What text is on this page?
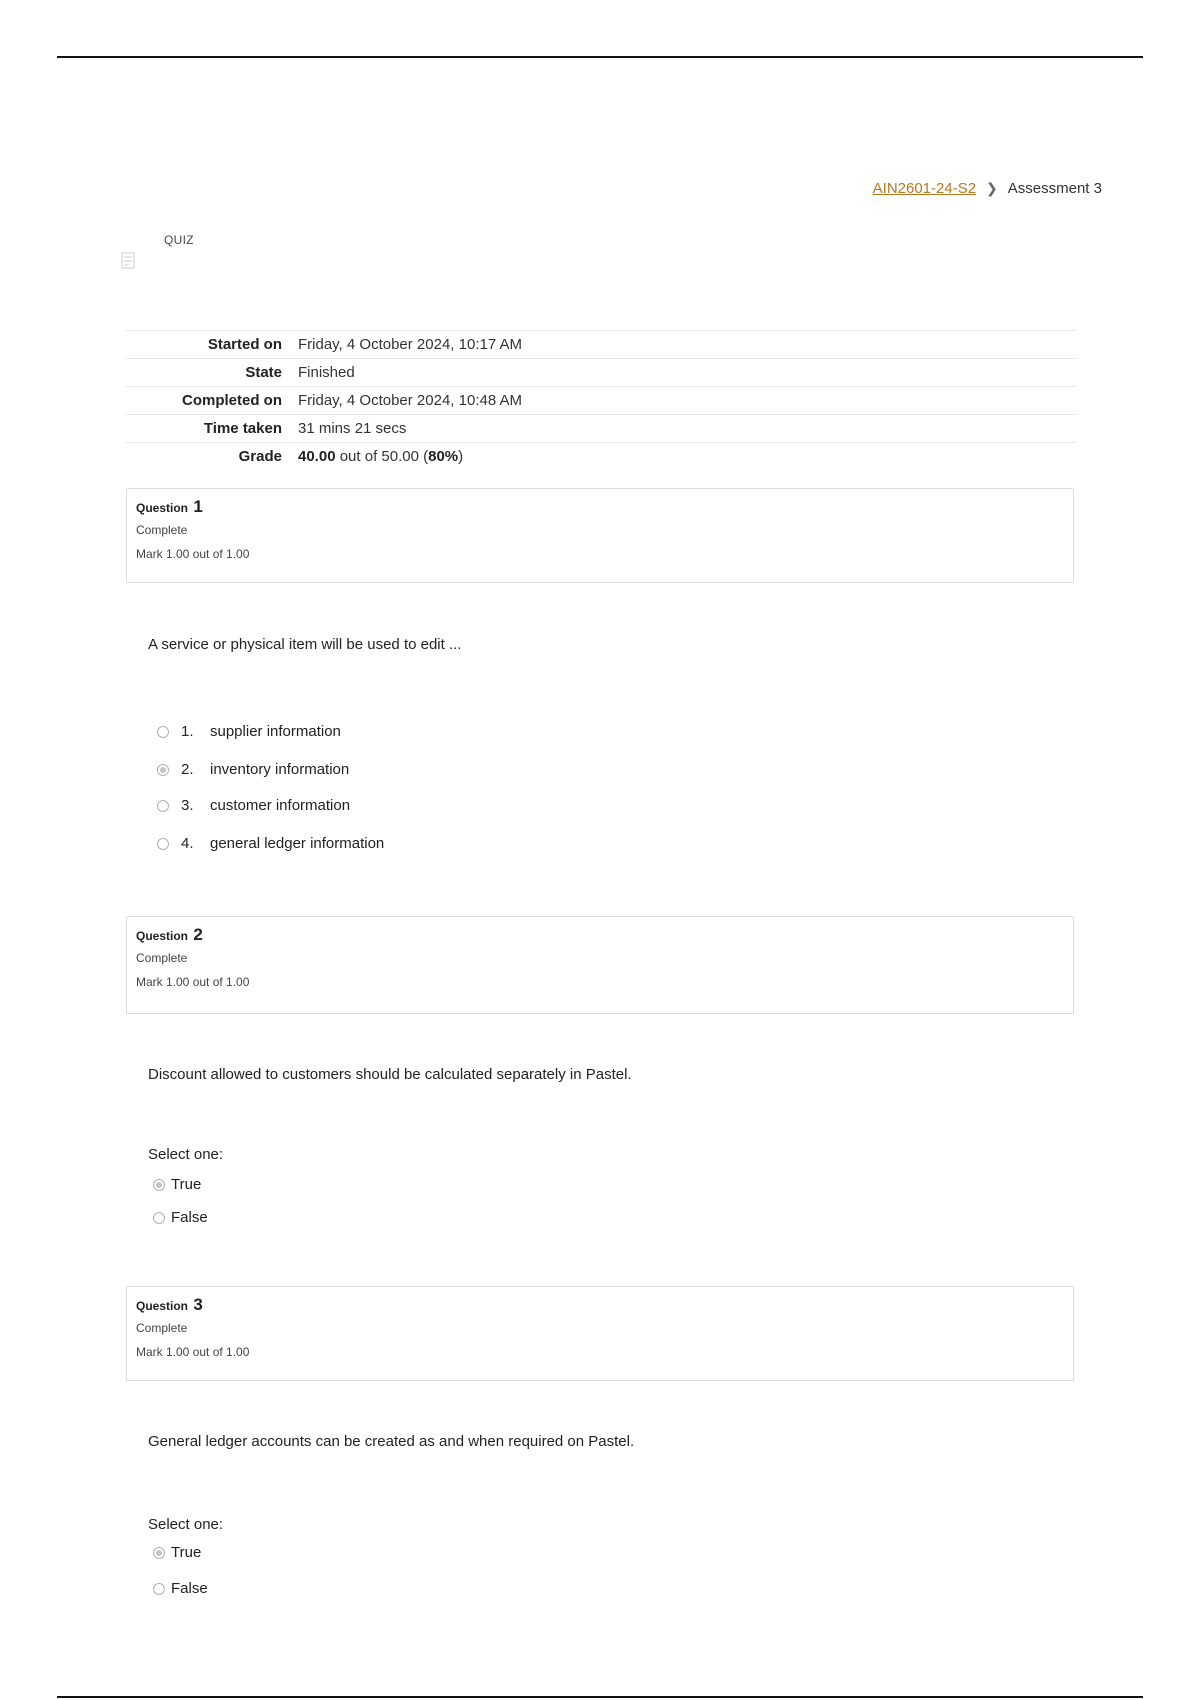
AIN2601-24-S2 ❯ Assessment 3
QUIZ
Started on	Friday, 4 October 2024, 10:17 AM
State	Finished
Completed on	Friday, 4 October 2024, 10:48 AM
Time taken	31 mins 21 secs
Grade	40.00 out of 50.00 (80%)
Question 1
Complete
Mark 1.00 out of 1.00
A service or physical item will be used to edit ...
1.	supplier information
2.	inventory information
3.	customer information
4.	general ledger information
Question 2
Complete
Mark 1.00 out of 1.00
Discount allowed to customers should be calculated separately in Pastel.
Select one:
True
False
Question 3
Complete
Mark 1.00 out of 1.00
General ledger accounts can be created as and when required on Pastel.
Select one:
True
False
